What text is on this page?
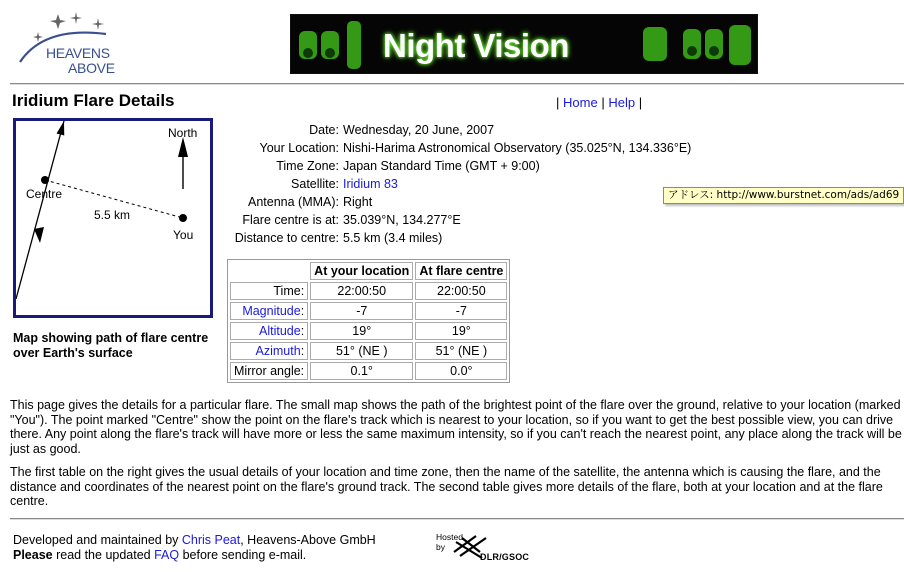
HEAVENS
ABOVE
Night Vision
Iridium Flare Details	| Home | Help |
North
Centre
5.5 km
You
Map showing path of flare centre over Earth's surface
Date: Wednesday, 20 June, 2007
Your Location: Nishi-Harima Astronomical Observatory (35.025°N, 134.336°E)
Time Zone: Japan Standard Time (GMT + 9:00)
Satellite: Iridium 83
Antenna (MMA): Right
Flare centre is at: 35.039°N, 134.277°E
Distance to centre: 5.5 km (3.4 miles)
アドレス: http://www.burstnet.com/ads/ad69
	At your location	At flare centre
Time:	22:00:50	22:00:50
Magnitude:	-7	-7
Altitude:	19°	19°
Azimuth:	51° (NE )	51° (NE )
Mirror angle:	0.1°	0.0°

This page gives the details for a particular flare. The small map shows the path of the brightest point of the flare over the ground, relative to your location (marked "You"). The point marked "Centre" show the point on the flare's track which is nearest to your location, so if you want to get the best possible view, you can drive there. Any point along the flare's track will have more or less the same maximum intensity, so if you can't reach the nearest point, any place along the track will be just as good.

The first table on the right gives the usual details of your location and time zone, then the name of the satellite, the antenna which is causing the flare, and the distance and coordinates of the nearest point on the flare's ground track. The second table gives more details of the flare, both at your location and at the flare centre.

Developed and maintained by Chris Peat, Heavens-Above GmbH
Please read the updated FAQ before sending e-mail.
Hosted
by
DLR/GSOC
